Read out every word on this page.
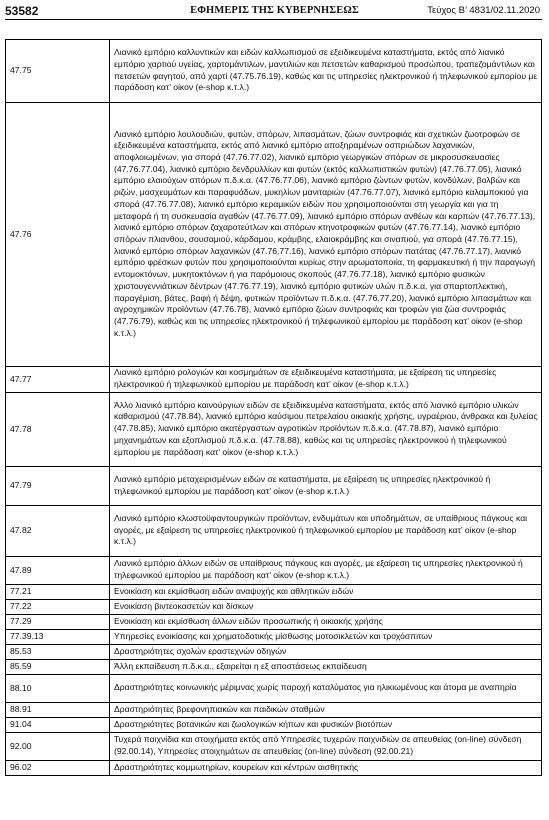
53582	ΕΦΗΜΕΡΙΣ ΤΗΣ ΚΥΒΕΡΝΗΣΕΩΣ	Τεύχος Β’ 4831/02.11.2020
47.75	Λιανικό εμπόριο καλλυντικών και ειδών καλλωπισμού σε εξειδικευμένα καταστήματα, εκτός από λιανικό εμπόριο χαρτιού υγείας, χαρτομάντιλων, μαντιλιών και πετσετών καθαρισμού προσώπου, τραπεζομάντιλων και πετσετών φαγητού, από χαρτί (47.75.76.19), καθώς και τις υπηρεσίες ηλεκτρονικού ή τηλεφωνικού εμπορίου με παράδοση κατ’ οίκον (e-shop κ.τ.λ.)
47.76	Λιανικό εμπόριο λουλουδιών, φυτών, σπόρων, λιπασμάτων, ζώων συντροφιάς και σχετικών ζωοτροφών σε εξειδικευμένα καταστήματα, εκτός από λιανικό εμπόριο αποξηραμένων οσπριώδων λαχανικών, αποφλοιωμένων, για σπορά (47.76.77.02), λιανικό εμπόριο γεωργικών σπόρων σε μικροσυσκευασίες (47.76.77.04), λιανικό εμπόριο δενδρυλλίων και φυτών (εκτός καλλωπιστικών φυτών) (47.76.77.05), λιανικό εμπόριο ελαιούχων σπόρων π.δ.κ.α. (47.76.77.06), λιανικό εμπόριο ζώντων φυτών, κονδύλων, βολβών και ριζών, μοσχευμάτων και παραφυάδων, μυκηλίων μανιταριών (47.76.77.07), λιανικό εμπόριο καλαμποκιού για σπορά (47.76.77.08), λιανικό εμπόριο κεραμικών ειδών που χρησιμοποιούνται στη γεωργία και για τη μεταφορά ή τη συσκευασία αγαθών (47.76.77.09), λιανικό εμπόριο σπόρων ανθέων και καρπών (47.76.77.13), λιανικό εμπόριο σπόρων ζαχαροτεύτλων και σπόρων κτηνοτροφικών φυτών (47.76.77.14), λιανικό εμπόριο σπόρων πλιανθου, σουσαμιού, κάρδαμου, κράμβης, ελαιοκράμβης και σιναπιού, για σπορά (47.76.77.15), λιανικό εμπόριο σπόρων λαχανικών (47.76.77.16), λιανικό εμπόριο σπόρων πατάτας (47.76.77.17), λιανικό εμπόριο φρέσκων φυτών που χρησιμοποιούνται κυρίως στην αρωματοποιία, τη φαρμακευτική ή την παραγωγή εντομοκτόνων, μυκητοκτόνων ή για παρόμοιους σκοπούς (47.76.77.18), λιανικό εμπόριο φυσικών χριστουγεννιάτικων δέντρων (47.76.77.19), λιανικό εμπόριο φυτικών υλών π.δ.κ.α. για σπαρτοπλεκτική, παραγέμιση, βάτες, βαφή ή δέψη, φυτικών προϊόντων π.δ.κ.α. (47.76.77.20), λιανικό εμπόριο λιπασμάτων και αγροχημικών προϊόντων (47.76.78), λιανικό εμπόριο ζώων συντροφιάς και τροφών για ζώα συντροφιάς (47.76.79), καθώς και τις υπηρεσίες ηλεκτρονικού ή τηλεφωνικού εμπορίου με παράδοση κατ’ οίκον (e-shop κ.τ.λ.)
47.77	Λιανικό εμπόριο ρολογιών και κοσμημάτων σε εξειδικευμένα καταστήματα, με εξαίρεση τις υπηρεσίες ηλεκτρονικού ή τηλεφωνικού εμπορίου με παράδοση κατ’ οίκον (e-shop κ.τ.λ.)
47.78	Άλλο λιανικό εμπόριο καινούργιων ειδών σε εξειδικευμένα καταστήματα, εκτός από λιανικό εμπόριο υλικών καθαρισμού (47.78.84), λιανικό εμπόριο καύσιμου πετρελαίου οικιακής χρήσης, υγραέριου, άνθρακα και ξυλείας (47.78.85), λιανικό εμπόριο ακατέργαστων αγροτικών προϊόντων π.δ.κ.α. (47.78.87), λιανικό εμπόριο μηχανημάτων και εξοπλισμού π.δ.κ.α. (47.78.88), καθώς και τις υπηρεσίες ηλεκτρονικού ή τηλεφωνικού εμπορίου με παράδοση κατ’ οίκον (e-shop κ.τ.λ.)
47.79	Λιανικό εμπόριο μεταχειρισμένων ειδών σε καταστήματα, με εξαίρεση τις υπηρεσίες ηλεκτρονικού ή τηλεφωνικού εμπορίου με παράδοση κατ’ οίκον (e-shop κ.τ.λ.)
47.82	Λιανικό εμπόριο κλωστοϋφαντουργικών προϊόντων, ενδυμάτων και υποδημάτων, σε υπαίθριους πάγκους και αγορές, με εξαίρεση τις υπηρεσίες ηλεκτρονικού ή τηλεφωνικού εμπορίου με παράδοση κατ’ οίκον (e-shop κ.τ.λ.)
47.89	Λιανικό εμπόριο άλλων ειδών σε υπαίθριους πάγκους και αγορές, με εξαίρεση τις υπηρεσίες ηλεκτρονικού ή τηλεφωνικού εμπορίου με παράδοση κατ’ οίκον (e-shop κ.τ.λ.)
77.21	Ενοικίαση και εκμίσθωση ειδών αναψυχής και αθλητικών ειδών
77.22	Ενοικίαση βιντεοκασετών και δίσκων
77.29	Ενοικίαση και εκμίσθωση άλλων ειδών προσωπικής ή οικιακής χρήσης
77.39.13	Υπηρεσίες ενοικίασης και χρηματοδοτικής μίσθωσης μοτοσικλετών και τροχόσπιτων
85.53	Δραστηριότητες σχολών εραστεχνών οδηγών
85.59	Άλλη εκπαίδευση π.δ.κ.α., εξαιρείται η εξ αποστάσεως εκπαίδευση
88.10	Δραστηριότητες κοινωνικής μέριμνας χωρίς παροχή καταλύματος για ηλικιωμένους και άτομα με αναπηρία
88.91	Δραστηριότητες βρεφονηπιακών και παιδικών σταθμών
91.04	Δραστηριότητες βοτανικών και ζωολογικών κήπων και φυσικών βιοτόπων
92.00	Τυχερά παιχνίδια και στοιχήματα εκτός από Υπηρεσίες τυχερών παιχνιδιών σε απευθείας (on-line) σύνδεση (92.00.14), Υπηρεσίες στοιχημάτων σε απευθείας (on-line) σύνδεση (92.00.21)
96.02	Δραστηριότητες κομμωτηρίων, κουρείων και κέντρων αισθητικής
